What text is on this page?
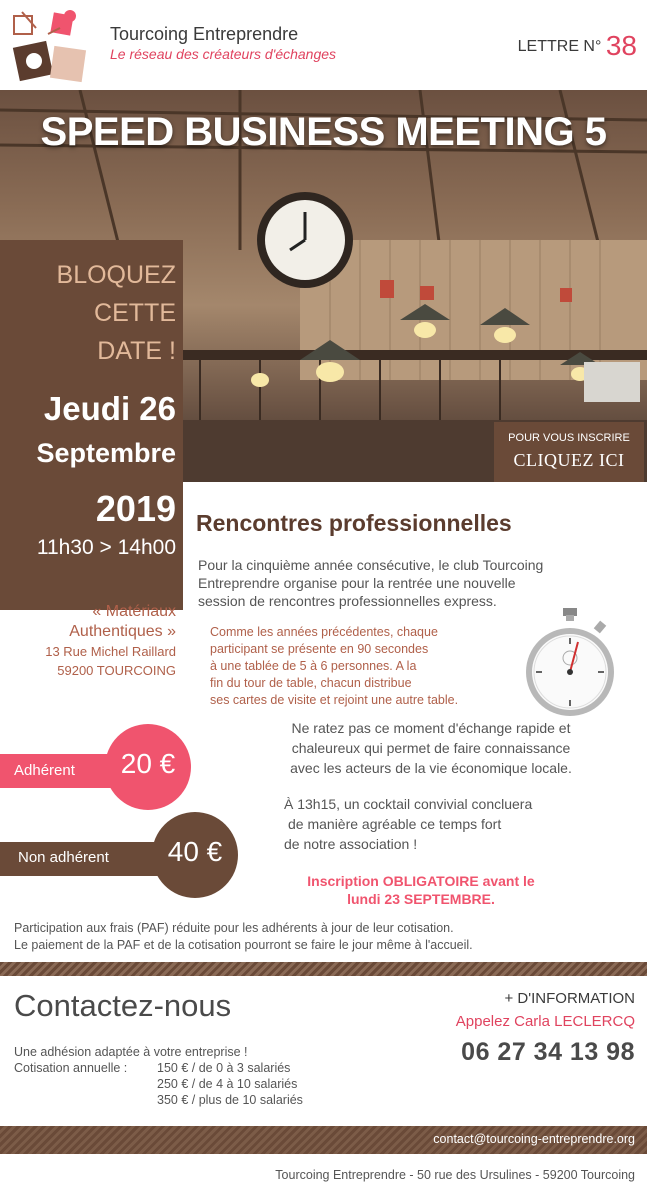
Tourcoing Entreprendre
Le réseau des créateurs d'échanges	LETTRE N° 38
SPEED BUSINESS MEETING 5
BLOQUEZ
CETTE
DATE !
Jeudi 26
Septembre
2019
11h30 > 14h00
POUR VOUS INSCRIRE
CLIQUEZ ICI
« Matériaux
Authentiques »
13 Rue Michel Raillard
59200 TOURCOING
Adhérent	20 €
Non adhérent	40 €
Rencontres professionnelles
Pour la cinquième année consécutive, le club Tourcoing
Entreprendre organise pour la rentrée une nouvelle
session de rencontres professionnelles express.
Comme les années précédentes, chaque
participant se présente en 90 secondes
à une tablée de 5 à 6 personnes. A la
fin du tour de table, chacun distribue
ses cartes de visite et rejoint une autre table.
Ne ratez pas ce moment d'échange rapide et
chaleureux qui permet de faire connaissance
avec les acteurs de la vie économique locale.
À 13h15, un cocktail convivial concluera
de manière agréable ce temps fort
de notre association !
Inscription OBLIGATOIRE avant le
lundi 23 SEPTEMBRE.
Participation aux frais (PAF) réduite pour les adhérents à jour de leur cotisation.
Le paiement de la PAF et de la cotisation pourront se faire le jour même à l'accueil.
Contactez-nous
Une adhésion adaptée à votre entreprise !
Cotisation annuelle :	150 € / de 0 à 3 salariés
250 € / de 4 à 10 salariés
350 € / plus de 10 salariés
+ D'INFORMATION
Appelez Carla LECLERCQ
06 27 34 13 98
contact@tourcoing-entreprendre.org
Tourcoing Entreprendre - 50 rue des Ursulines - 59200 Tourcoing
